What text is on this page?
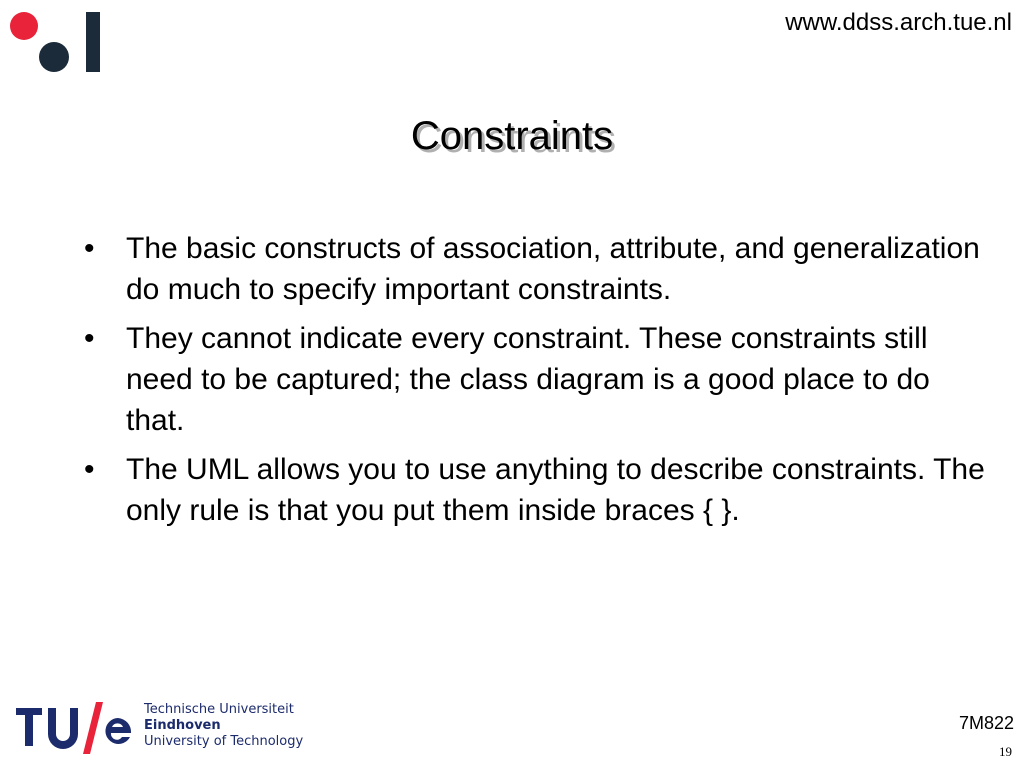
www.ddss.arch.tue.nl
Constraints
• The basic constructs of association, attribute, and generalization do much to specify important constraints.
• They cannot indicate every constraint. These constraints still need to be captured; the class diagram is a good place to do that.
• The UML allows you to use anything to describe constraints. The only rule is that you put them inside braces { }.
Technische Universiteit
Eindhoven
University of Technology
7M822
19
